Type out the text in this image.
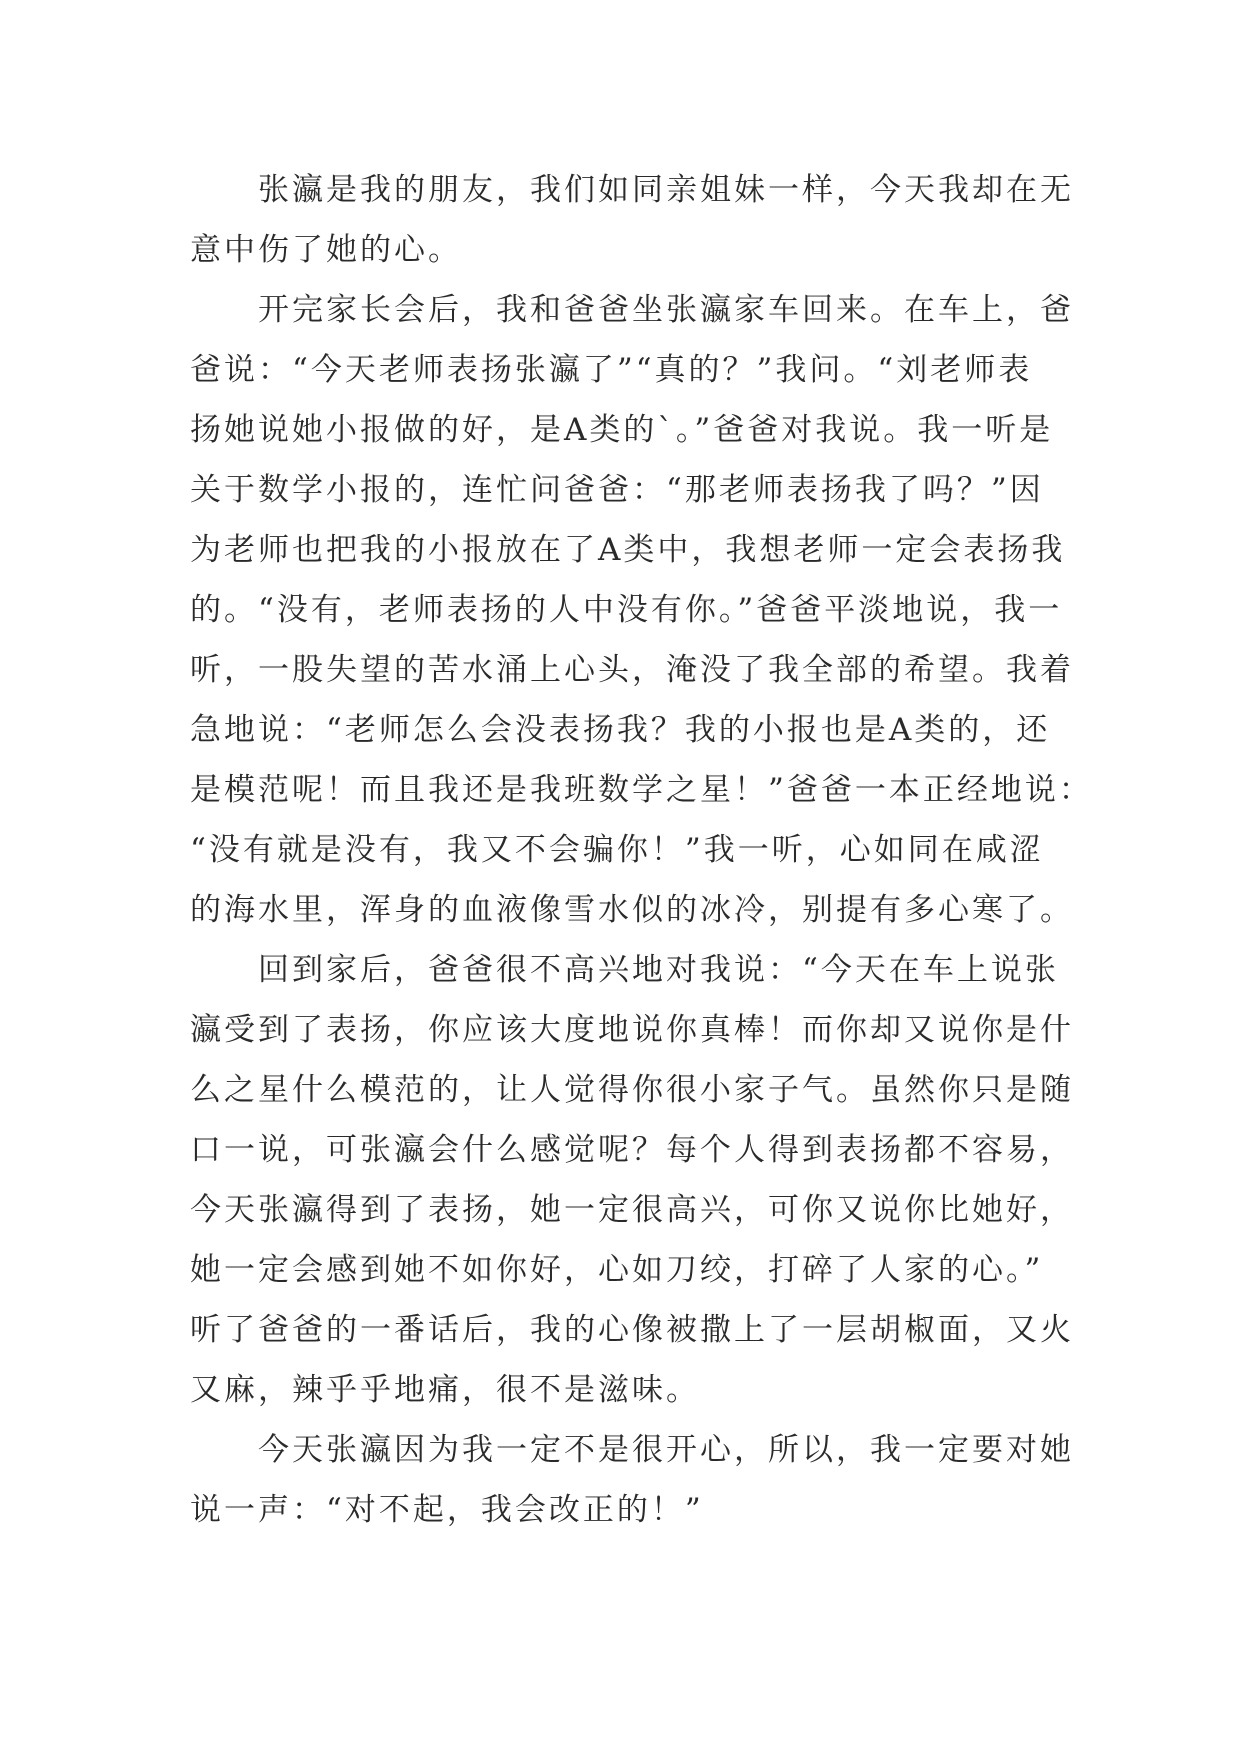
张瀛是我的朋友，我们如同亲姐妹一样，今天我却在无
意中伤了她的心。
开完家长会后，我和爸爸坐张瀛家车回来。在车上，爸
爸说：“今天老师表扬张瀛了”“真的？”我问。“刘老师表
扬她说她小报做的好，是A类的`。”爸爸对我说。我一听是
关于数学小报的，连忙问爸爸：“那老师表扬我了吗？”因
为老师也把我的小报放在了A类中，我想老师一定会表扬我
的。“没有，老师表扬的人中没有你。”爸爸平淡地说，我一
听，一股失望的苦水涌上心头，淹没了我全部的希望。我着
急地说：“老师怎么会没表扬我？我的小报也是A类的，还
是模范呢！而且我还是我班数学之星！”爸爸一本正经地说：
“没有就是没有，我又不会骗你！”我一听，心如同在咸涩
的海水里，浑身的血液像雪水似的冰冷，别提有多心寒了。
回到家后，爸爸很不高兴地对我说：“今天在车上说张
瀛受到了表扬，你应该大度地说你真棒！而你却又说你是什
么之星什么模范的，让人觉得你很小家子气。虽然你只是随
口一说，可张瀛会什么感觉呢？每个人得到表扬都不容易，
今天张瀛得到了表扬，她一定很高兴，可你又说你比她好，
她一定会感到她不如你好，心如刀绞，打碎了人家的心。”
听了爸爸的一番话后，我的心像被撒上了一层胡椒面，又火
又麻，辣乎乎地痛，很不是滋味。
今天张瀛因为我一定不是很开心，所以，我一定要对她
说一声：“对不起，我会改正的！”
